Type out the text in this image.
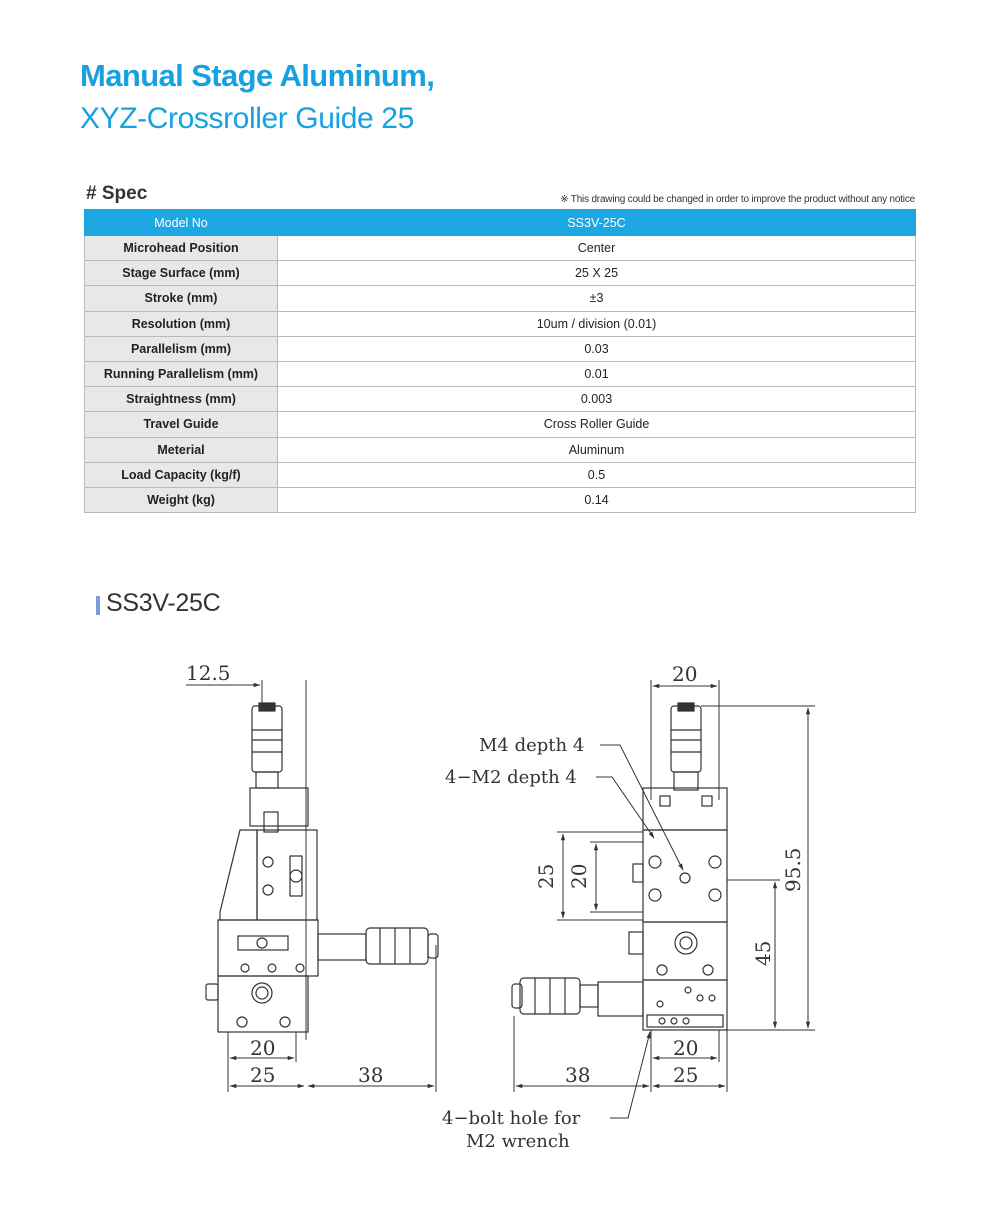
Manual Stage Aluminum,
XYZ-Crossroller Guide 25
# Spec	※ This drawing could be changed in order to improve the product without any notice
Model No	SS3V-25C
Microhead Position	Center
Stage Surface (mm)	25 X 25
Stroke (mm)	±3
Resolution (mm)	10um / division (0.01)
Parallelism (mm)	0.03
Running Parallelism (mm)	0.01
Straightness (mm)	0.003
Travel Guide	Cross Roller Guide
Meterial	Aluminum
Load Capacity (kg/f)	0.5
Weight (kg)	0.14
SS3V-25C
12.5
20
25	38
20
25 20	95.5
45
38
20
25
M4 depth 4
4−M2 depth 4
4−bolt hole for
M2 wrench
